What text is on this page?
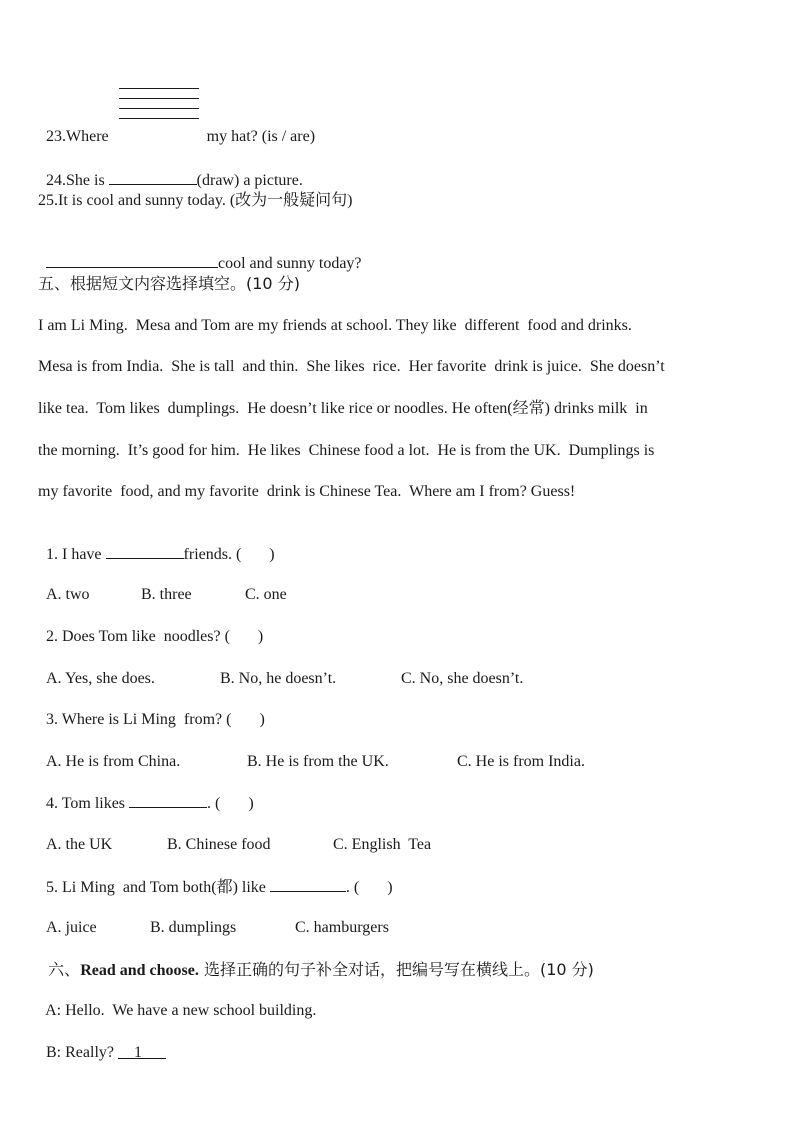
23.Where	my hat? (is / are)

24.She is	(draw) a picture.

25.It is cool and sunny today. (改为一般疑问句)

cool and sunny today?

五、根据短文内容选择填空。(10 分)
I am Li Ming.  Mesa and Tom are my friends at school. They like  different  food and drinks.
Mesa is from India.  She is tall  and thin.  She likes  rice.  Her favorite  drink is juice.  She doesn’t
like tea.  Tom likes  dumplings.  He doesn’t like rice or noodles. He often(经常) drinks milk  in
the morning.  It’s good for him.  He likes  Chinese food a lot.  He is from the UK.  Dumplings is
my favorite  food, and my favorite  drink is Chinese Tea.  Where am I from? Guess!

1. I have	friends. (       )

A. two	B. three	C. one

2. Does Tom like  noodles? (       )

A. Yes, she does.	B. No, he doesn’t.	C. No, she doesn’t.

3. Where is Li Ming  from? (       )

A. He is from China.	B. He is from the UK.	C. He is from India.

4. Tom likes	. (       )

A. the UK	B. Chinese food	C. English  Tea

5. Li Ming  and Tom both(都) like	. (       )

A. juice	B. dumplings	C. hamburgers

六、Read and choose. 选择正确的句子补全对话，把编号写在横线上。(10 分)

A: Hello.  We have a new school building.

B: Really? 1
